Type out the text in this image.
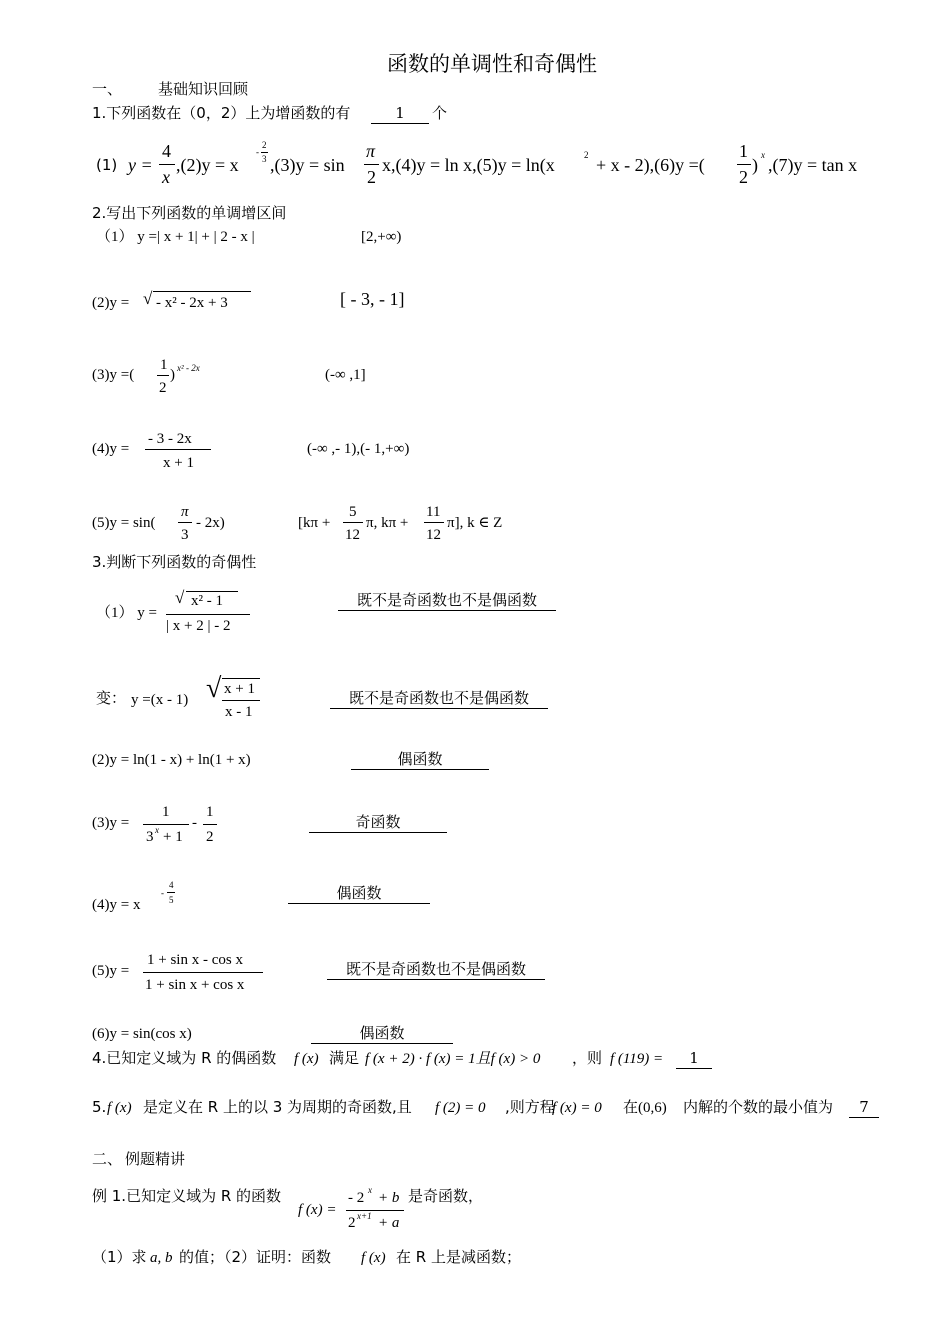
函数的单调性和奇偶性
一、 基础知识回顾
1.下列函数在（0，2）上为增函数的有	1	个
(1) y =
4
x
,(2)y = x
-
2
3 ,(3)y = sin
π
2
x,(4)y = ln x,(5)y = ln(x	2 + x - 2),(6)y =(
1
2
) x ,(7)y = tan x
2.写出下列函数的单调增区间
（1） y =| x + 1| + | 2 - x |	[2,+∞)
(2)y = √ - x² - 2x + 3	[ - 3, - 1]
(3)y =(
1
2
) x² - 2x	(-∞ ,1]
(4)y =
- 3 - 2x
x + 1
(-∞ ,- 1),(- 1,+∞)
(5)y = sin(
π
3
- 2x)	[kπ +
5
12
π, kπ +
11
12
π], k ∈ Z
3.判断下列函数的奇偶性
（1） y =
√ x² - 1
| x + 2 | - 2
既不是奇函数也不是偶函数
变： y =(x - 1) √ x + 1
x - 1
既不是奇函数也不是偶函数
(2)y = ln(1 - x) + ln(1 + x)	偶函数
(3)y =
1
3 x + 1
-
1
2
奇函数
(4)y = x
-
4
5	偶函数
(5)y =
1 + sin x - cos x
1 + sin x + cos x
既不是奇函数也不是偶函数
(6)y = sin(cos x)	偶函数
4.已知定义域为 R 的偶函数 f (x) 满足 f (x + 2) · f (x) = 1且f (x) > 0 ，则 f (119) =	1
5. f (x) 是定义在 R 上的以 3 为周期的奇函数,且 f (2) = 0 ,则方程
f (x) = 0 在(0,6) 内解的个数的最小值为	7
二、 例题精讲
例 1.已知定义域为 R 的函数
f (x) =
- 2 x + b
2 x+1 + a
是奇函数，
（1）求 a, b 的值；（2）证明：函数 f (x) 在 R 上是减函数；
